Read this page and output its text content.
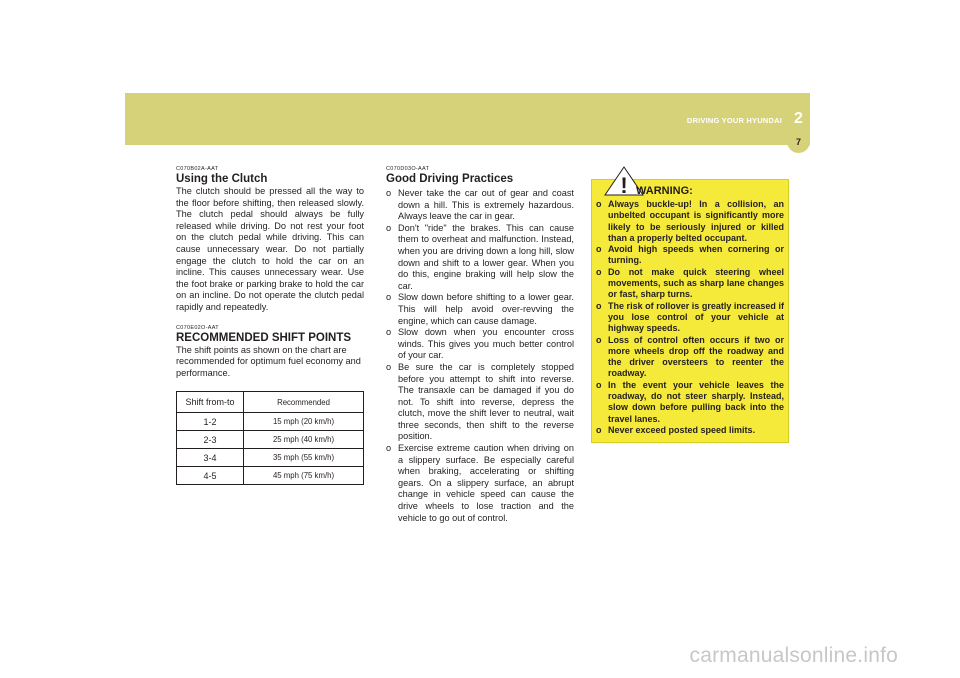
2
DRIVING YOUR HYUNDAI
7
C070B02A-AAT
Using the Clutch

The clutch should be pressed all the way to the floor before shifting, then released slowly. The clutch pedal should always be fully released while driving. Do not rest your foot on the clutch pedal while driving. This can cause unnecessary wear. Do not partially engage the clutch to hold the car on an incline. This causes unnecessary wear. Use the foot brake or parking brake to hold the car on an incline. Do not operate the clutch pedal rapidly and repeatedly.

C070E02O-AAT
RECOMMENDED SHIFT POINTS

The shift points as shown on the chart are recommended for optimum fuel economy and performance.

Shift from-to	Recommended
1-2	15 mph (20 km/h)
2-3	25 mph (40 km/h)
3-4	35 mph (55 km/h)
4-5	45 mph (75 km/h)
C070D03O-AAT
Good Driving Practices
o Never take the car out of gear and coast down a hill. This is extremely hazardous. Always leave the car in gear.
o Don't "ride" the brakes. This can cause them to overheat and malfunction. Instead, when you are driving down a long hill, slow down and shift to a lower gear. When you do this, engine braking will help slow the car.
o Slow down before shifting to a lower gear. This will help avoid over-revving the engine, which can cause damage.
o Slow down when you encounter cross winds. This gives you much better control of your car.
o Be sure the car is completely stopped before you attempt to shift into reverse. The transaxle can be damaged if you do not. To shift into reverse, depress the clutch, move the shift lever to neutral, wait three seconds, then shift to the reverse position.
o Exercise extreme caution when driving on a slippery surface. Be especially careful when braking, accelerating or shifting gears. On a slippery surface, an abrupt change in vehicle speed can cause the drive wheels to lose traction and the vehicle to go out of control.
! WARNING:
o Always buckle-up! In a collision, an unbelted occupant is significantly more likely to be seriously injured or killed than a properly belted occupant.
o Avoid high speeds when cornering or turning.
o Do not make quick steering wheel movements, such as sharp lane changes or fast, sharp turns.
o The risk of rollover is greatly increased if you lose control of your vehicle at highway speeds.
o Loss of control often occurs if two or more wheels drop off the roadway and the driver oversteers to reenter the roadway.
o In the event your vehicle leaves the roadway, do not steer sharply. Instead, slow down before pulling back into the travel lanes.
o Never exceed posted speed limits.
carmanualsonline.info
